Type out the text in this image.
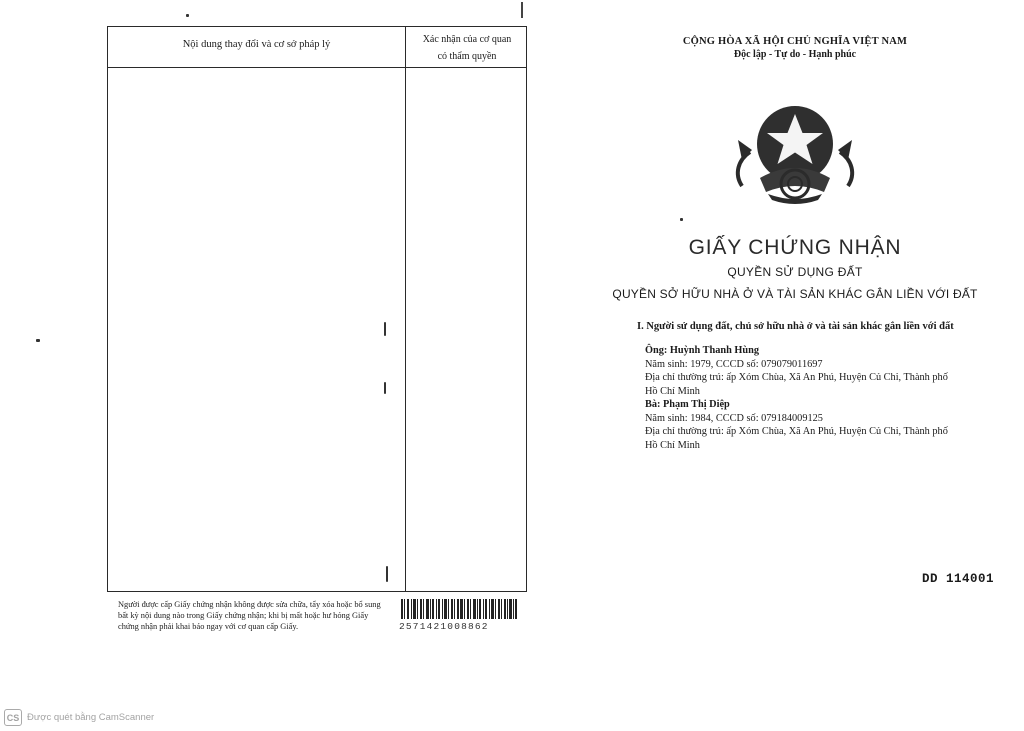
Nội dung thay đổi và cơ sở pháp lý	Xác nhận của cơ quan
có thẩm quyền
Người được cấp Giấy chứng nhận không được sửa chữa, tẩy xóa hoặc bổ sung bất kỳ nội dung nào trong Giấy chứng nhận; khi bị mất hoặc hư hỏng Giấy chứng nhận phải khai báo ngay với cơ quan cấp Giấy.	2571421008862
CỘNG HÒA XÃ HỘI CHỦ NGHĨA VIỆT NAM
Độc lập - Tự do - Hạnh phúc
GIẤY CHỨNG NHẬN
QUYỀN SỬ DỤNG ĐẤT
QUYỀN SỞ HỮU NHÀ Ở VÀ TÀI SẢN KHÁC GẮN LIỀN VỚI ĐẤT
I. Người sử dụng đất, chủ sở hữu nhà ở và tài sản khác gắn liền với đất
Ông: Huỳnh Thanh Hùng
Năm sinh: 1979, CCCD số: 079079011697
Địa chỉ thường trú: ấp Xóm Chùa, Xã An Phú, Huyện Củ Chi, Thành phố
Hồ Chí Minh
Bà: Phạm Thị Diệp
Năm sinh: 1984, CCCD số: 079184009125
Địa chỉ thường trú: ấp Xóm Chùa, Xã An Phú, Huyện Củ Chi, Thành phố
Hồ Chí Minh
DD 114001
CS Được quét bằng CamScanner
